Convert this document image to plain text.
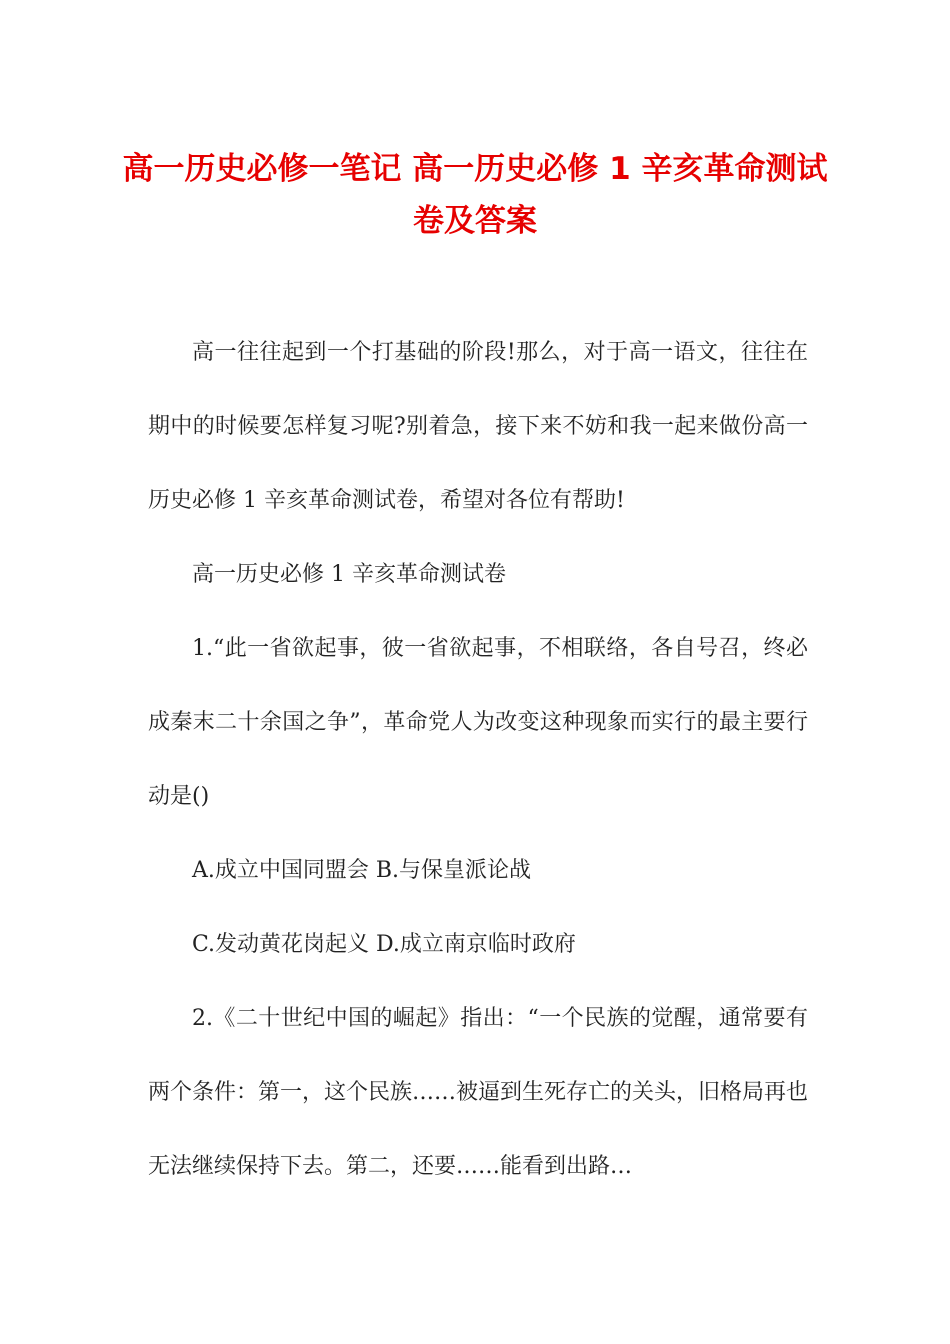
高一历史必修一笔记 高一历史必修 1 辛亥革命测试卷及答案

高一往往起到一个打基础的阶段!那么，对于高一语文，往往在期中的时候要怎样复习呢?别着急，接下来不妨和我一起来做份高一历史必修 1 辛亥革命测试卷，希望对各位有帮助!

高一历史必修 1 辛亥革命测试卷

1.“此一省欲起事，彼一省欲起事，不相联络，各自号召，终必成秦末二十余国之争”，革命党人为改变这种现象而实行的最主要行动是()

A.成立中国同盟会 B.与保皇派论战

C.发动黄花岗起义 D.成立南京临时政府

2.《二十世纪中国的崛起》指出：“一个民族的觉醒，通常要有两个条件：第一，这个民族……被逼到生死存亡的关头，旧格局再也无法继续保持下去。第二，还要……能看到出路…
